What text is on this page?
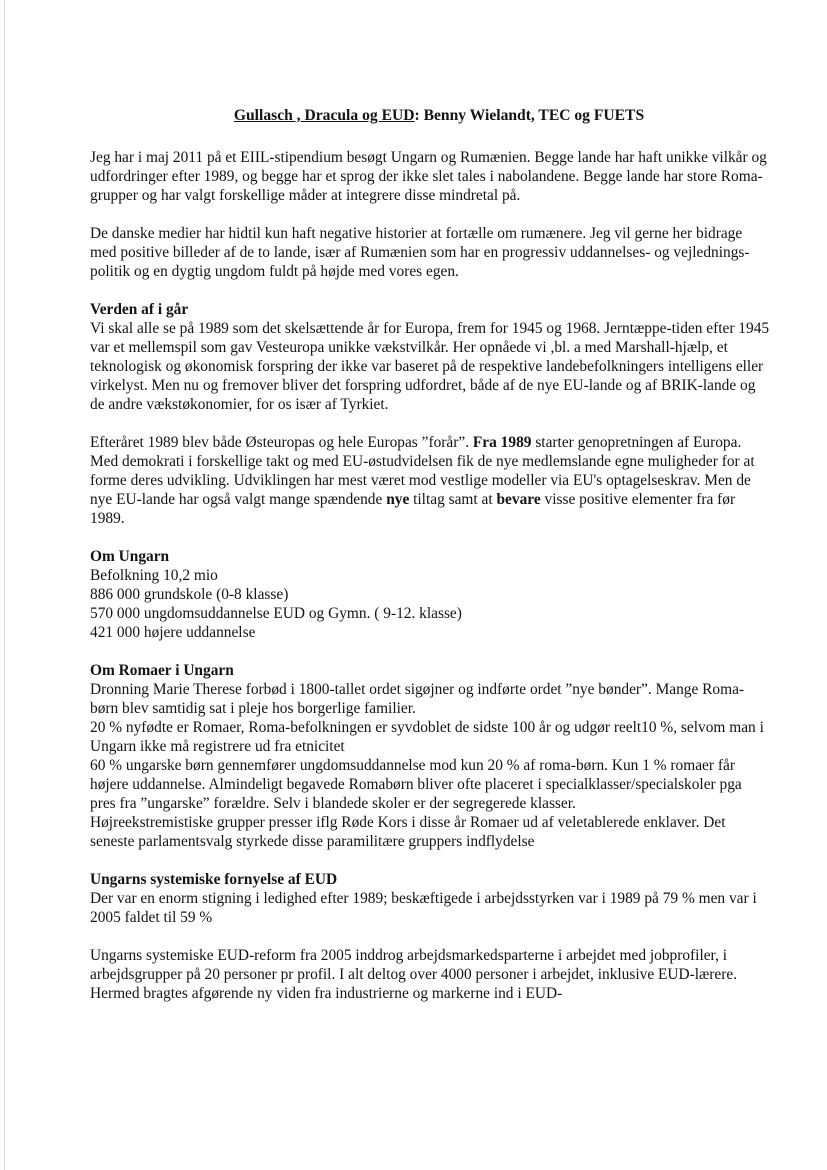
Gullasch , Dracula og EUD: Benny Wielandt, TEC og FUETS

Jeg har i maj 2011 på et EIIL-stipendium besøgt Ungarn og Rumænien. Begge lande har haft unikke vilkår og udfordringer efter 1989, og begge har et sprog der ikke slet tales i nabolandene. Begge lande har store Roma-grupper og har valgt forskellige måder at integrere disse mindretal på.

De danske medier har hidtil kun haft negative historier at fortælle om rumænere. Jeg vil gerne her bidrage med positive billeder af de to lande, især af Rumænien som har en progressiv uddannelses- og vejlednings-politik og en dygtig ungdom fuldt på højde med vores egen.

Verden af i går
Vi skal alle se på 1989 som det skelsættende år for Europa, frem for 1945 og 1968. Jerntæppe-tiden efter 1945 var et mellemspil som gav Vesteuropa unikke vækstvilkår. Her opnåede vi ,bl. a med Marshall-hjælp, et teknologisk og økonomisk forspring der ikke var baseret på de respektive landebefolkningers intelligens eller virkelyst. Men nu og fremover bliver det forspring udfordret, både af de nye EU-lande og af BRIK-lande og de andre vækstøkonomier, for os især af Tyrkiet.

Efteråret 1989 blev både Østeuropas og hele Europas ”forår”. Fra 1989 starter genopretningen af Europa. Med demokrati i forskellige takt og med EU-østudvidelsen fik de nye medlemslande egne muligheder for at forme deres udvikling. Udviklingen har mest været mod vestlige modeller via EU's optagelseskrav. Men de nye EU-lande har også valgt mange spændende nye tiltag samt at bevare visse positive elementer fra før 1989.

Om Ungarn
Befolkning 10,2 mio
886 000 grundskole (0-8 klasse)
570 000 ungdomsuddannelse EUD og Gymn. ( 9-12. klasse)
421 000 højere uddannelse
Om Romaer i Ungarn
Dronning Marie Therese forbød i 1800-tallet ordet sigøjner og indførte ordet ”nye bønder”. Mange Roma-børn blev samtidig sat i pleje hos borgerlige familier.
20 % nyfødte er Romaer, Roma-befolkningen er syvdoblet de sidste 100 år og udgør reelt10 %, selvom man i Ungarn ikke må registrere ud fra etnicitet
60 % ungarske børn gennemfører ungdomsuddannelse mod kun 20 % af roma-børn. Kun 1 % romaer får højere uddannelse. Almindeligt begavede Romabørn bliver ofte placeret i specialklasser/specialskoler pga pres fra ”ungarske” forældre. Selv i blandede skoler er der segregerede klasser.
Højreekstremistiske grupper presser iflg Røde Kors i disse år Romaer ud af veletablerede enklaver. Det seneste parlamentsvalg styrkede disse paramilitære gruppers indflydelse
Ungarns systemiske fornyelse af EUD
Der var en enorm stigning i ledighed efter 1989; beskæftigede i arbejdsstyrken var i 1989 på 79 % men var i 2005 faldet til 59 %

Ungarns systemiske EUD-reform fra 2005 inddrog arbejdsmarkedsparterne i arbejdet med jobprofiler, i arbejdsgrupper på 20 personer pr profil. I alt deltog over 4000 personer i arbejdet, inklusive EUD-lærere. Hermed bragtes afgørende ny viden fra industrierne og markerne ind i EUD-
